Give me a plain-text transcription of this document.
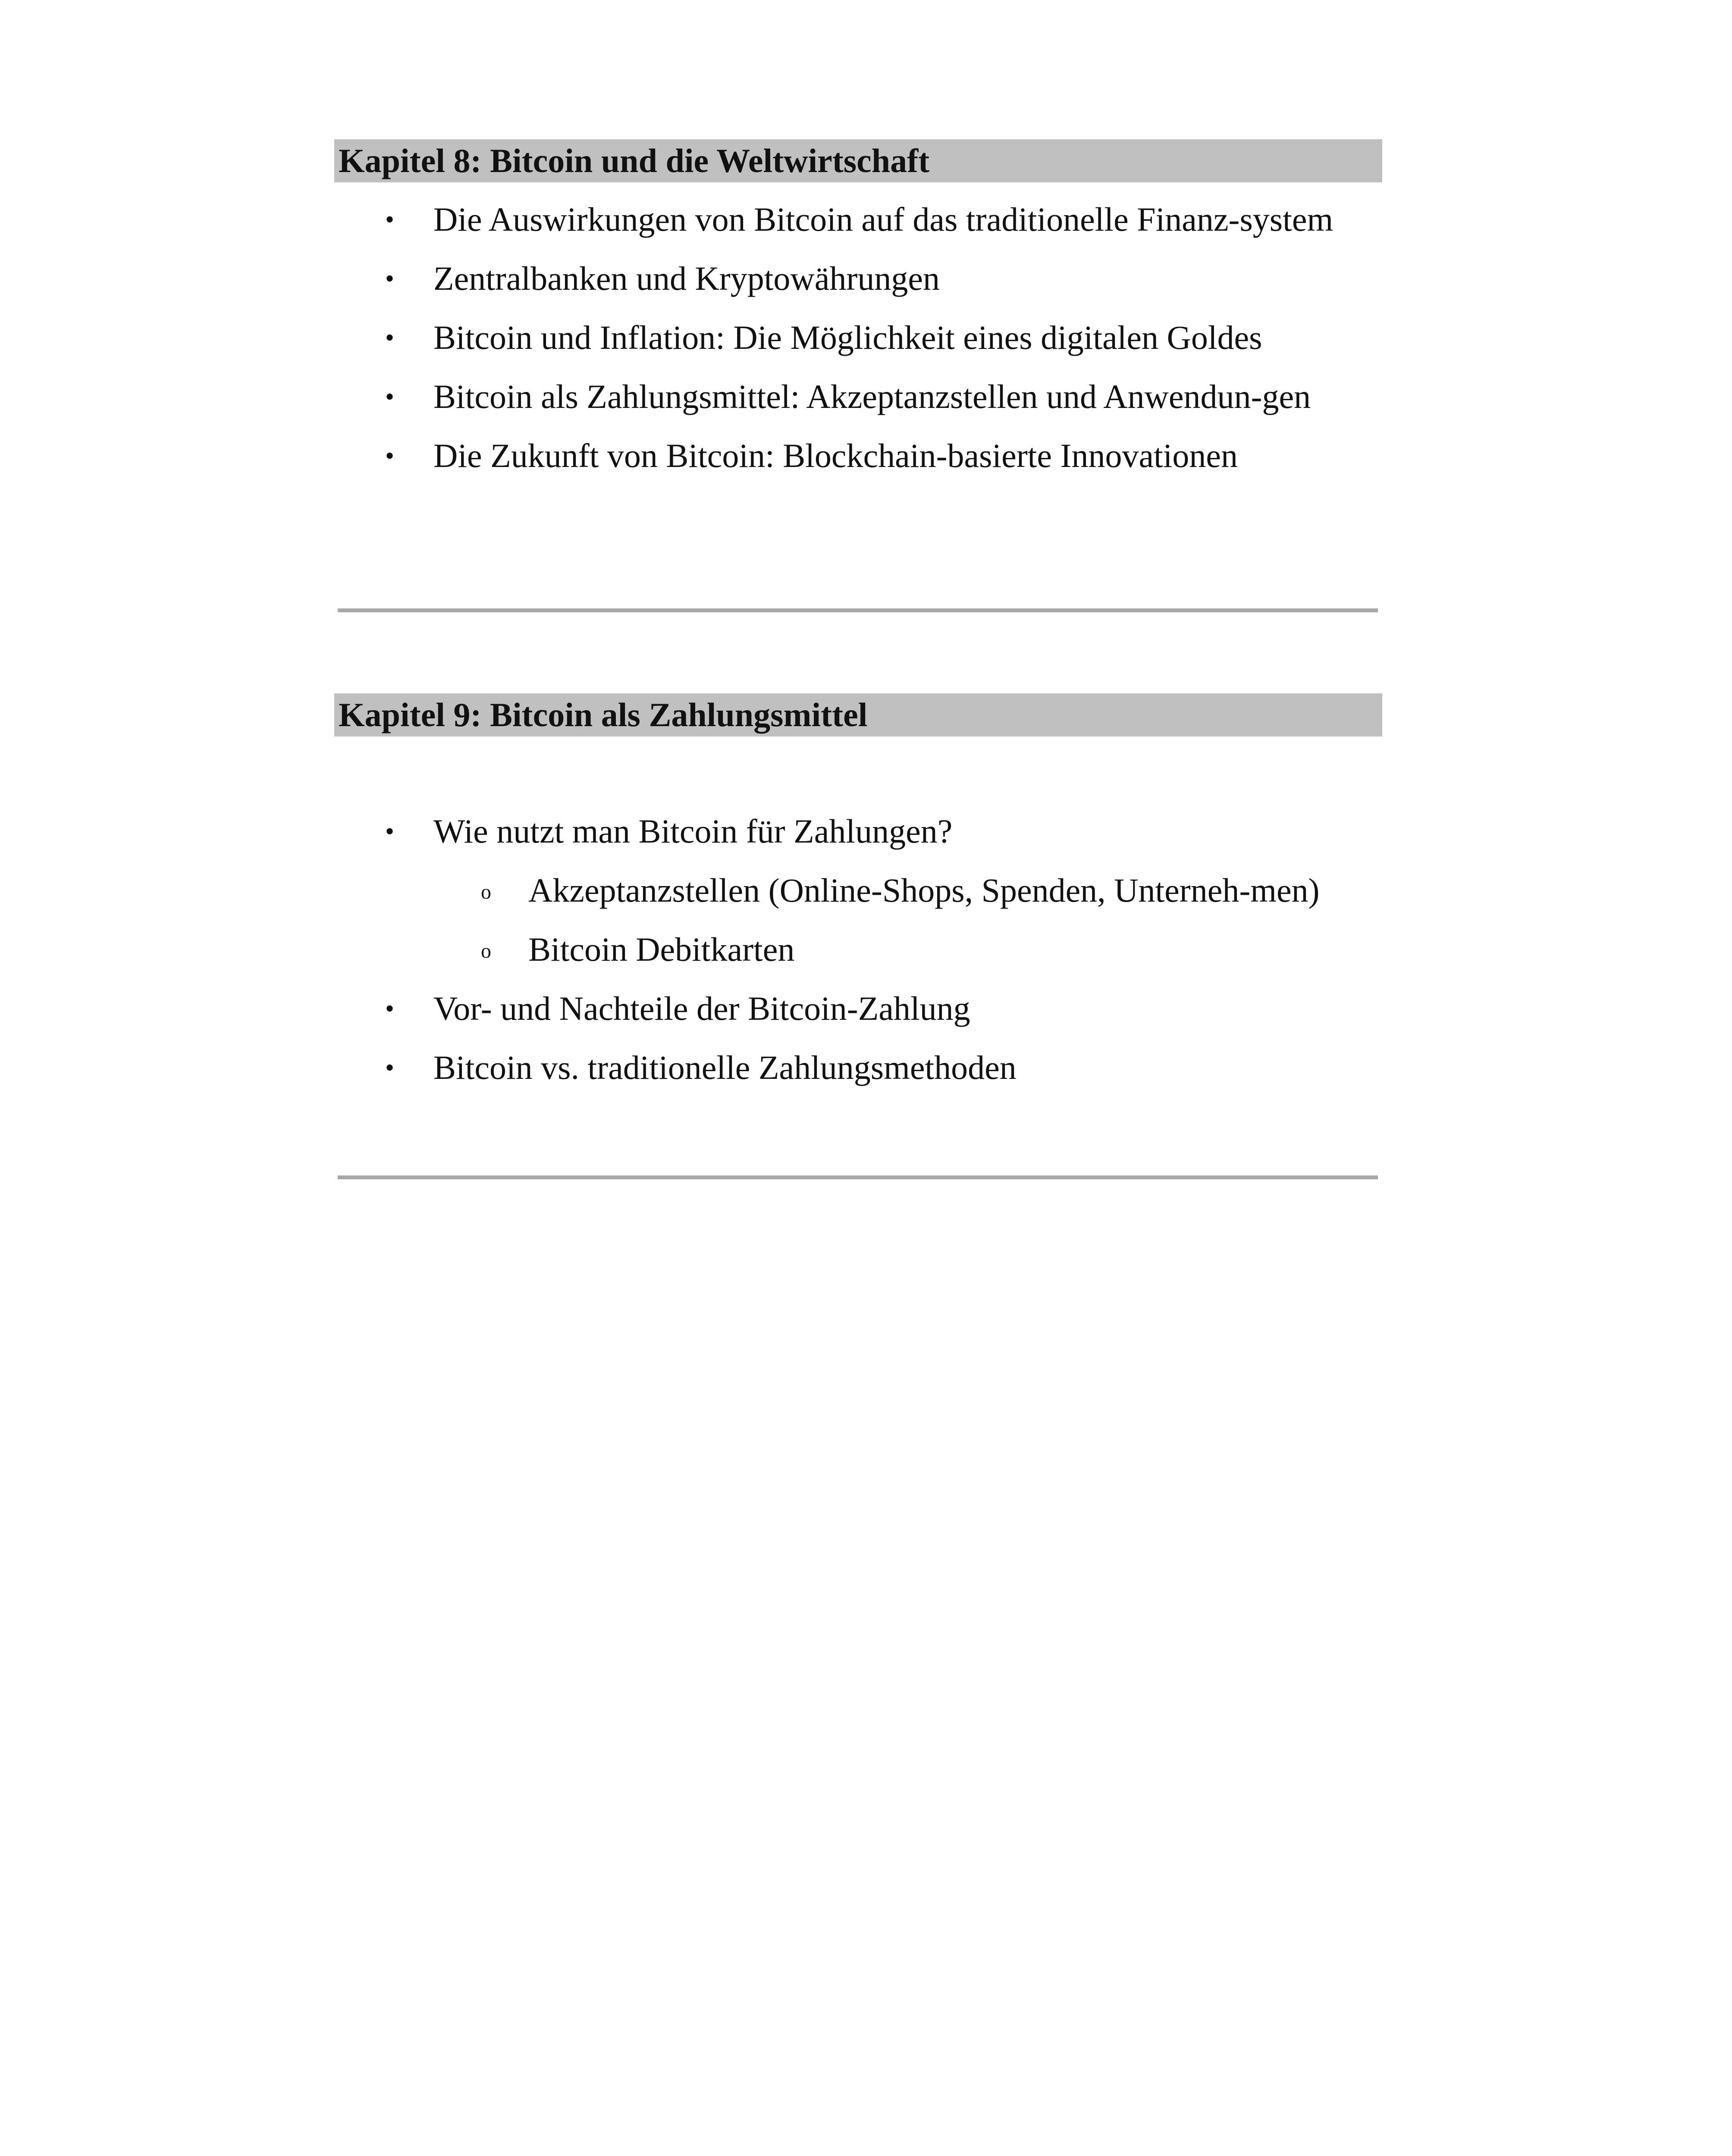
Kapitel 8: Bitcoin und die Weltwirtschaft
• Die Auswirkungen von Bitcoin auf das traditionelle Finanz-system
• Zentralbanken und Kryptowährungen
• Bitcoin und Inflation: Die Möglichkeit eines digitalen Goldes
• Bitcoin als Zahlungsmittel: Akzeptanzstellen und Anwendun-gen
• Die Zukunft von Bitcoin: Blockchain-basierte Innovationen
Kapitel 9: Bitcoin als Zahlungsmittel
• Wie nutzt man Bitcoin für Zahlungen?
o Akzeptanzstellen (Online-Shops, Spenden, Unterneh-men)
o Bitcoin Debitkarten
• Vor- und Nachteile der Bitcoin-Zahlung
• Bitcoin vs. traditionelle Zahlungsmethoden
